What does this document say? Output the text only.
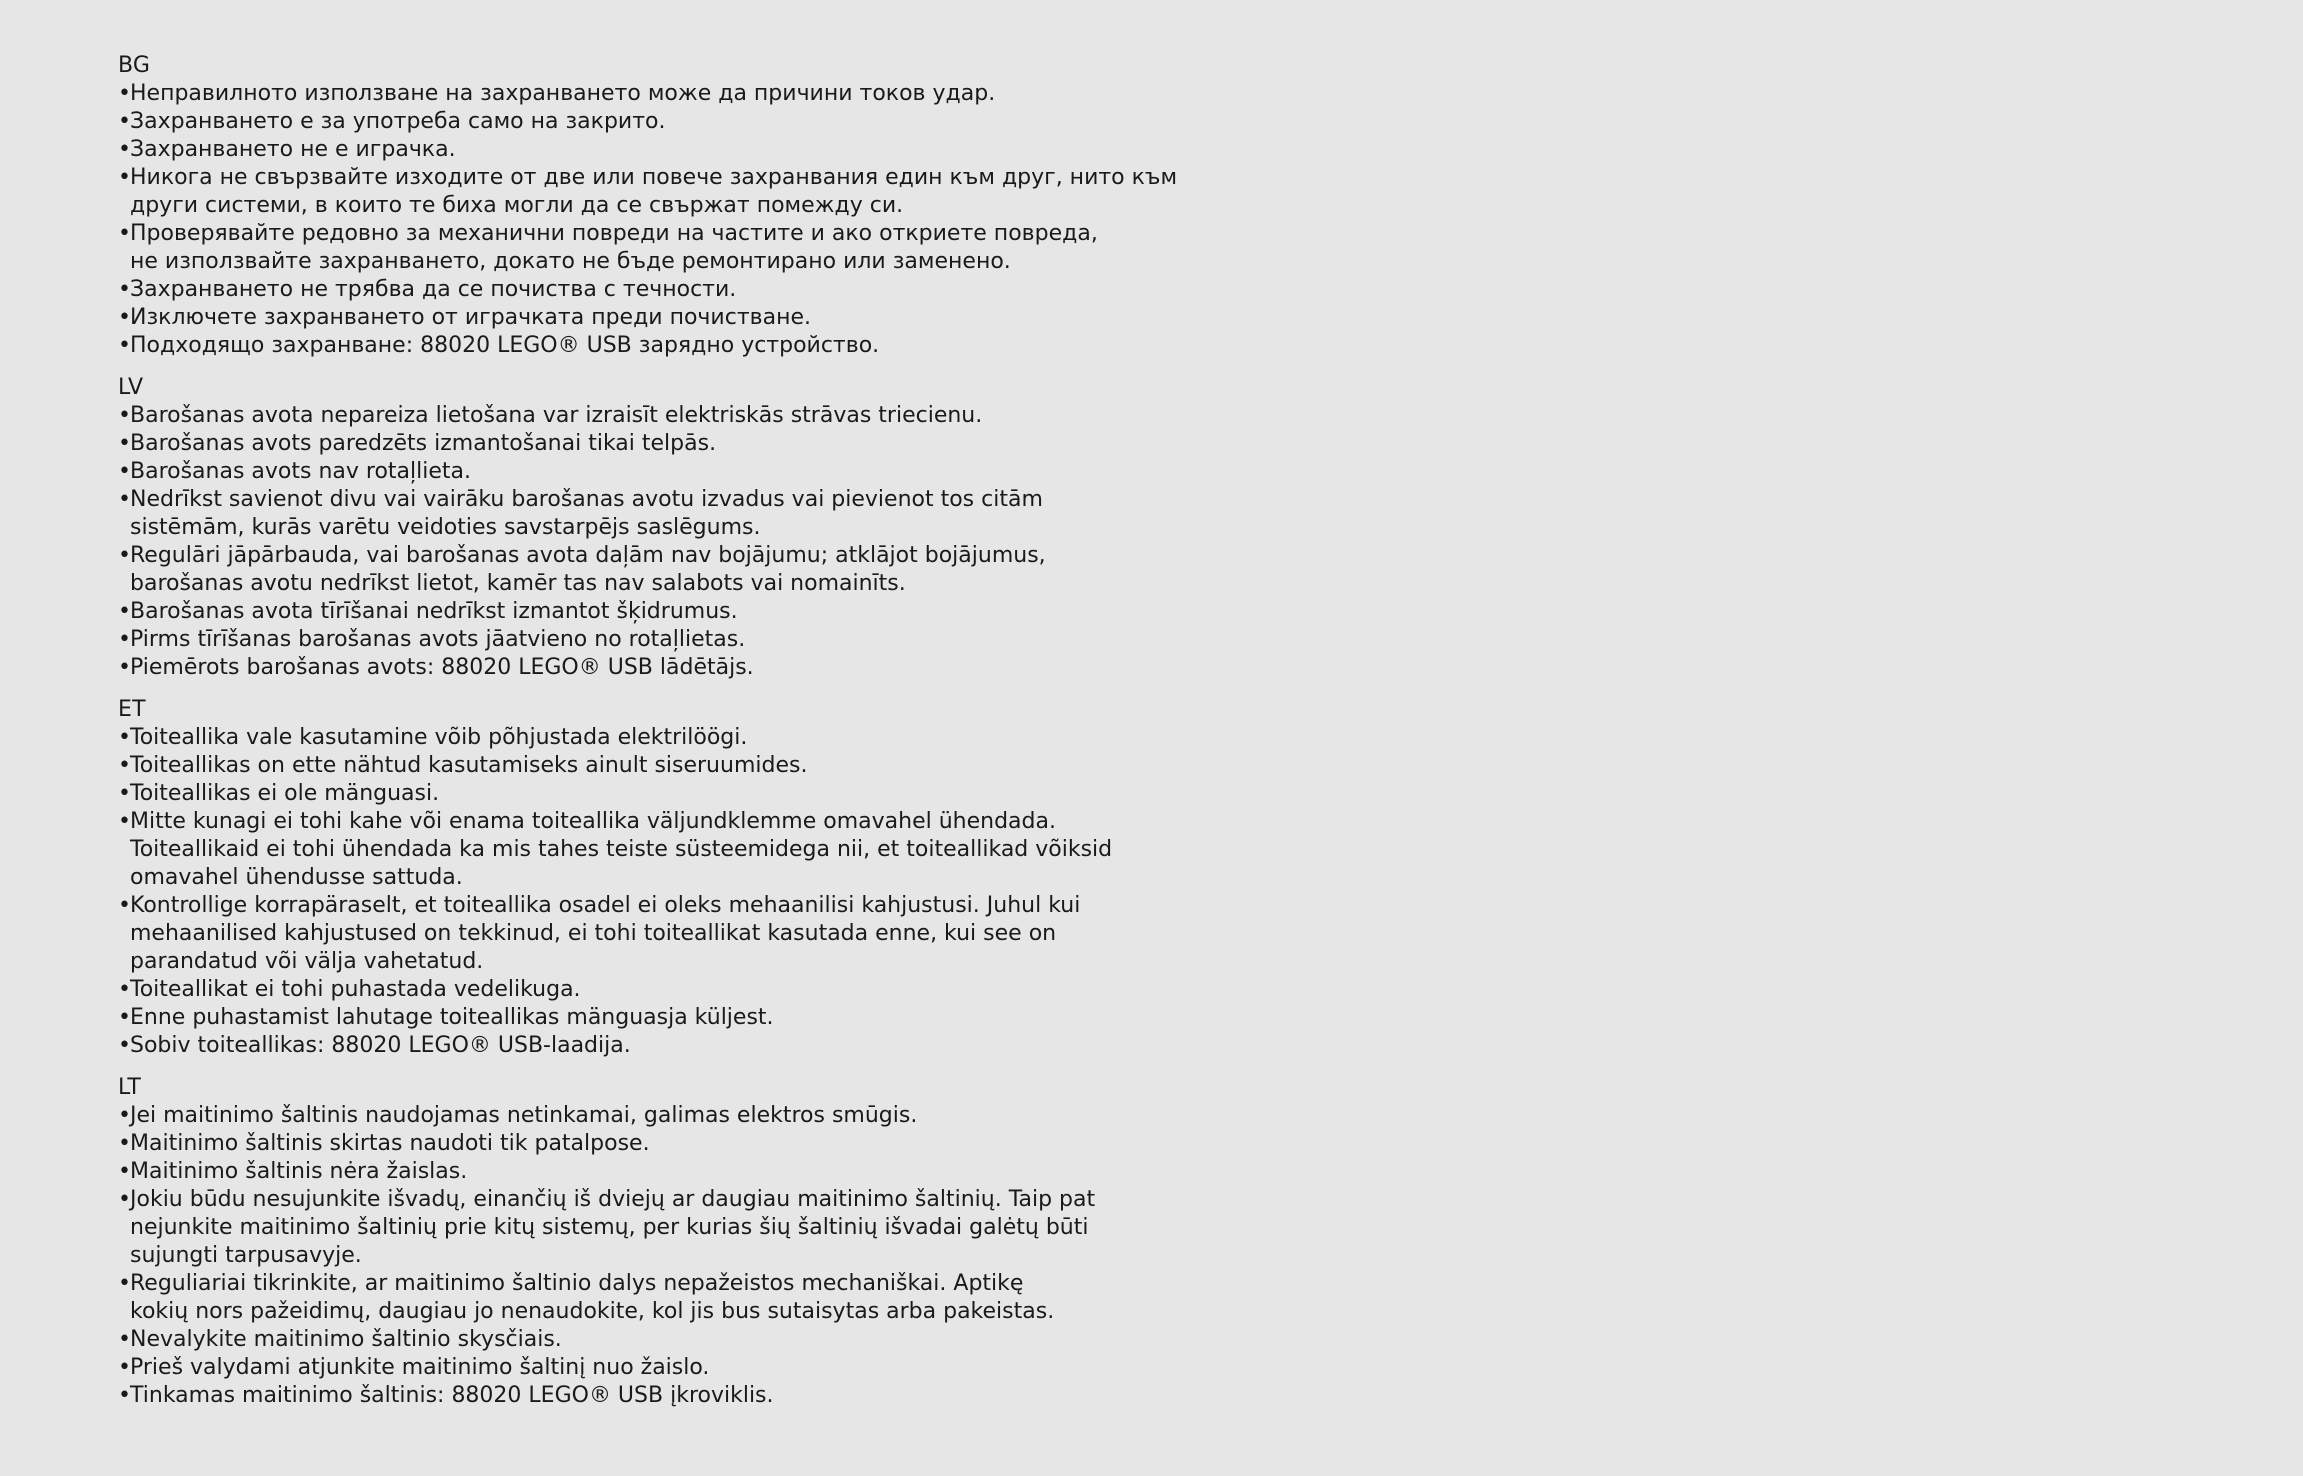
BG
• Неправилното използване на захранването може да причини токов удар.
• Захранването е за употреба само на закрито.
• Захранването не е играчка.
• Никога не свързвайте изходите от две или повече захранвания един към друг, нито към
други системи, в които те биха могли да се свържат помежду си.
• Проверявайте редовно за механични повреди на частите и ако откриете повреда,
не използвайте захранването, докато не бъде ремонтирано или заменено.
• Захранването не трябва да се почиства с течности.
• Изключете захранването от играчката преди почистване.
• Подходящо захранване: 88020 LEGO® USB зарядно устройство.
LV
• Barošanas avota nepareiza lietošana var izraisīt elektriskās strāvas triecienu.
• Barošanas avots paredzēts izmantošanai tikai telpās.
• Barošanas avots nav rotaļlieta.
• Nedrīkst savienot divu vai vairāku barošanas avotu izvadus vai pievienot tos citām
sistēmām, kurās varētu veidoties savstarpējs saslēgums.
• Regulāri jāpārbauda, vai barošanas avota daļām nav bojājumu; atklājot bojājumus,
barošanas avotu nedrīkst lietot, kamēr tas nav salabots vai nomainīts.
• Barošanas avota tīrīšanai nedrīkst izmantot šķidrumus.
• Pirms tīrīšanas barošanas avots jāatvieno no rotaļlietas.
• Piemērots barošanas avots: 88020 LEGO® USB lādētājs.
ET
• Toiteallika vale kasutamine võib põhjustada elektrilöögi.
• Toiteallikas on ette nähtud kasutamiseks ainult siseruumides.
• Toiteallikas ei ole mänguasi.
• Mitte kunagi ei tohi kahe või enama toiteallika väljundklemme omavahel ühendada.
Toiteallikaid ei tohi ühendada ka mis tahes teiste süsteemidega nii, et toiteallikad võiksid
omavahel ühendusse sattuda.
• Kontrollige korrapäraselt, et toiteallika osadel ei oleks mehaanilisi kahjustusi. Juhul kui
mehaanilised kahjustused on tekkinud, ei tohi toiteallikat kasutada enne, kui see on
parandatud või välja vahetatud.
• Toiteallikat ei tohi puhastada vedelikuga.
• Enne puhastamist lahutage toiteallikas mänguasja küljest.
• Sobiv toiteallikas: 88020 LEGO® USB-laadija.
LT
• Jei maitinimo šaltinis naudojamas netinkamai, galimas elektros smūgis.
• Maitinimo šaltinis skirtas naudoti tik patalpose.
• Maitinimo šaltinis nėra žaislas.
• Jokiu būdu nesujunkite išvadų, einančių iš dviejų ar daugiau maitinimo šaltinių. Taip pat
nejunkite maitinimo šaltinių prie kitų sistemų, per kurias šių šaltinių išvadai galėtų būti
sujungti tarpusavyje.
• Reguliariai tikrinkite, ar maitinimo šaltinio dalys nepažeistos mechaniškai. Aptikę
kokių nors pažeidimų, daugiau jo nenaudokite, kol jis bus sutaisytas arba pakeistas.
• Nevalykite maitinimo šaltinio skysčiais.
• Prieš valydami atjunkite maitinimo šaltinį nuo žaislo.
• Tinkamas maitinimo šaltinis: 88020 LEGO® USB įkroviklis.
